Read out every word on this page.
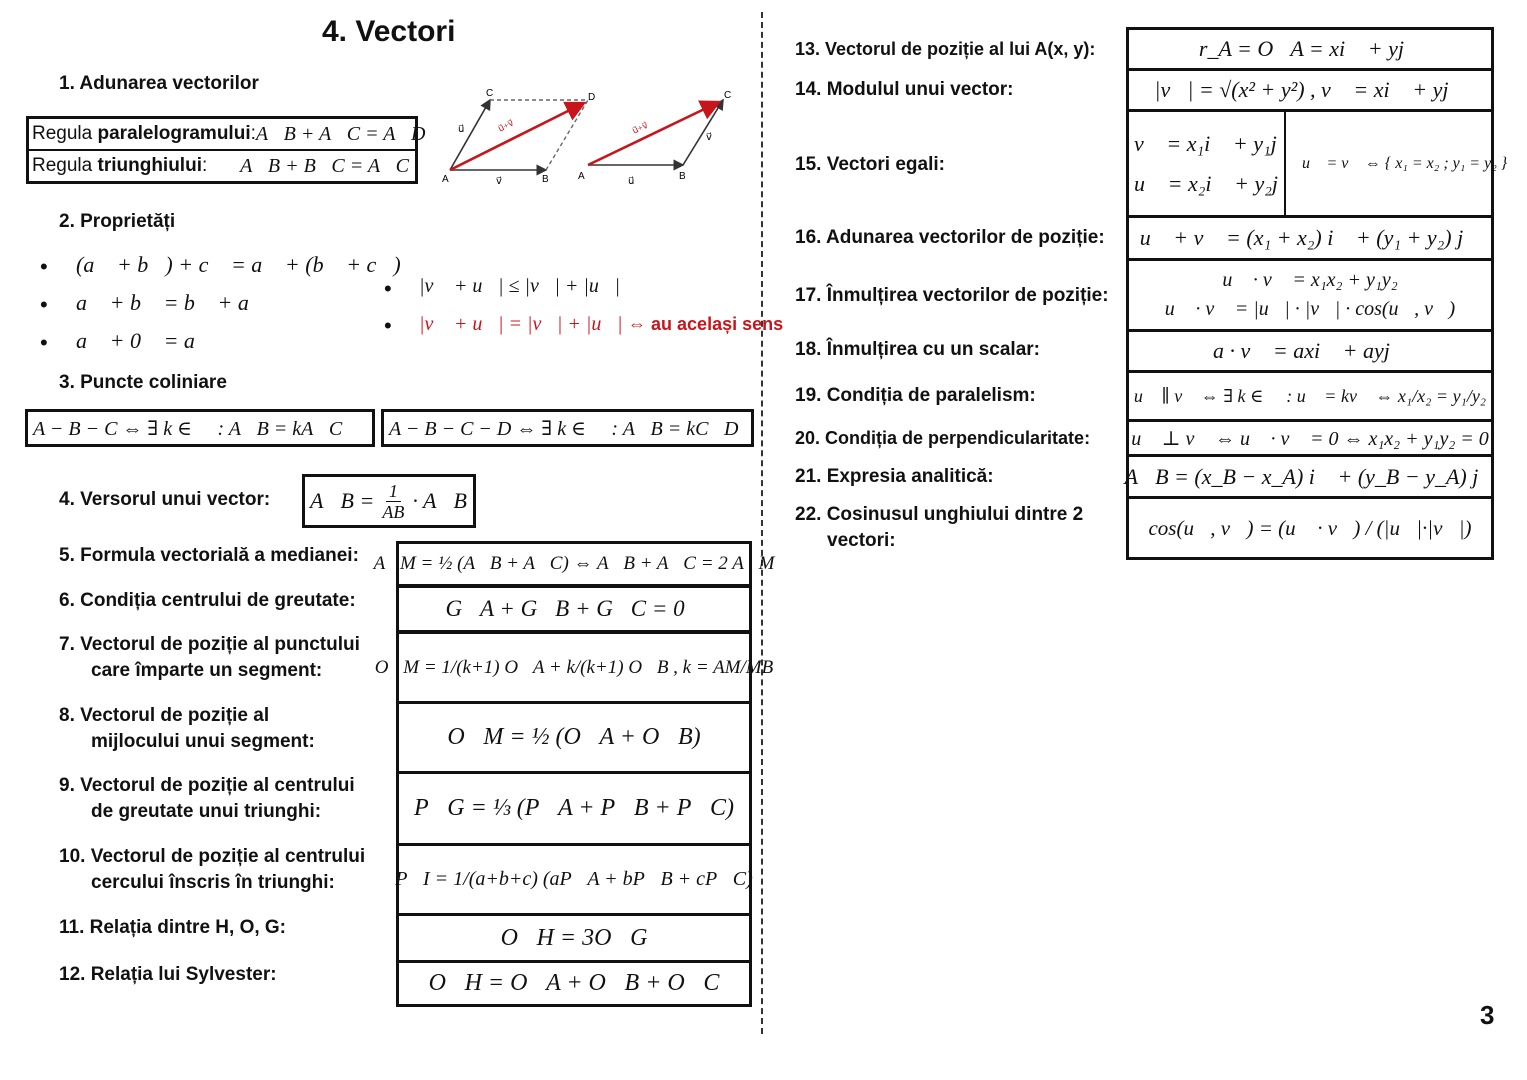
4. Vectori
1. Adunarea vectorilor
Regula paralelogramului: A⃗B + A⃗C = A⃗D
Regula triunghiului: A⃗B + B⃗C = A⃗C
A	B
C	D
v⃗
u⃗	u⃗+v⃗
A	B
C
u⃗
v⃗
u⃗+v⃗
2. Proprietăți
• (a⃗ + b⃗) + c⃗ = a⃗ + (b⃗ + c⃗)
• a⃗ + b⃗ = b⃗ + a⃗
• a⃗ + 0⃗ = a⃗
• |v⃗ + u⃗| ≤ |v⃗| + |u⃗|
• |v⃗ + u⃗| = |v⃗| + |u⃗| ⇔ au același sens
3. Puncte coliniare
A − B − C ⇔ ∃ k ∈ ℝ : A⃗B = kA⃗C	A − B − C − D ⇔ ∃ k ∈ ℝ : A⃗B = kC⃗D
4. Versorul unui vector: A⃗B = $\frac{1}{AB}$ · A⃗B
5. Formula vectorială a medianei: A⃗M = ½ (A⃗B + A⃗C) ⇔ A⃗B + A⃗C = 2 A⃗M
6. Condiția centrului de greutate:	G⃗A + G⃗B + G⃗C = 0⃗
7. Vectorul de poziție al punctului
care împarte un segment:	O⃗M = 1/(k+1) O⃗A + k/(k+1) O⃗B , k = AM/MB
8. Vectorul de poziție al
mijlocului unui segment:	O⃗M = ½ (O⃗A + O⃗B)
9. Vectorul de poziție al centrului
de greutate unui triunghi:	P⃗G = ⅓ (P⃗A + P⃗B + P⃗C)
10. Vectorul de poziție al centrului
cercului înscris în triunghi:	P⃗I = 1/(a+b+c) (aP⃗A + bP⃗B + cP⃗C)
11. Relația dintre H, O, G:	O⃗H = 3O⃗G
12. Relația lui Sylvester:	O⃗H = O⃗A + O⃗B + O⃗C
13. Vectorul de poziție al lui A(x, y):	r_A = O⃗A = xi⃗ + yj⃗
14. Modulul unui vector:	|v⃗| = √(x² + y²) , v⃗ = xi⃗ + yj⃗
15. Vectori egali:
v⃗ = x₁i⃗ + y₁j⃗
u⃗ = x₂i⃗ + y₂j⃗
u⃗ = v⃗ ⇔ { x₁ = x₂ ; y₁ = y₂ }
16. Adunarea vectorilor de poziție:	u⃗ + v⃗ = (x₁ + x₂) i⃗ + (y₁ + y₂) j⃗
17. Înmulțirea vectorilor de poziție:
u⃗ · v⃗ = x₁x₂ + y₁y₂
u⃗ · v⃗ = |u⃗| · |v⃗| · cos(u⃗, v⃗)
18. Înmulțirea cu un scalar:	a · v⃗ = axi⃗ + ayj⃗
19. Condiția de paralelism:	u⃗ ∥ v⃗ ⇔ ∃ k ∈ ℝ : u⃗ = kv⃗ ⇔ x₁/x₂ = y₁/y₂
20. Condiția de perpendicularitate: u⃗ ⊥ v⃗ ⇔ u⃗ · v⃗ = 0 ⇔ x₁x₂ + y₁y₂ = 0
21. Expresia analitică:	A⃗B = (x_B − x_A) i⃗ + (y_B − y_A) j⃗
22. Cosinusul unghiului dintre 2
vectori:
cos(u⃗, v⃗) = (u⃗ · v⃗) / (|u⃗|·|v⃗|)
3
